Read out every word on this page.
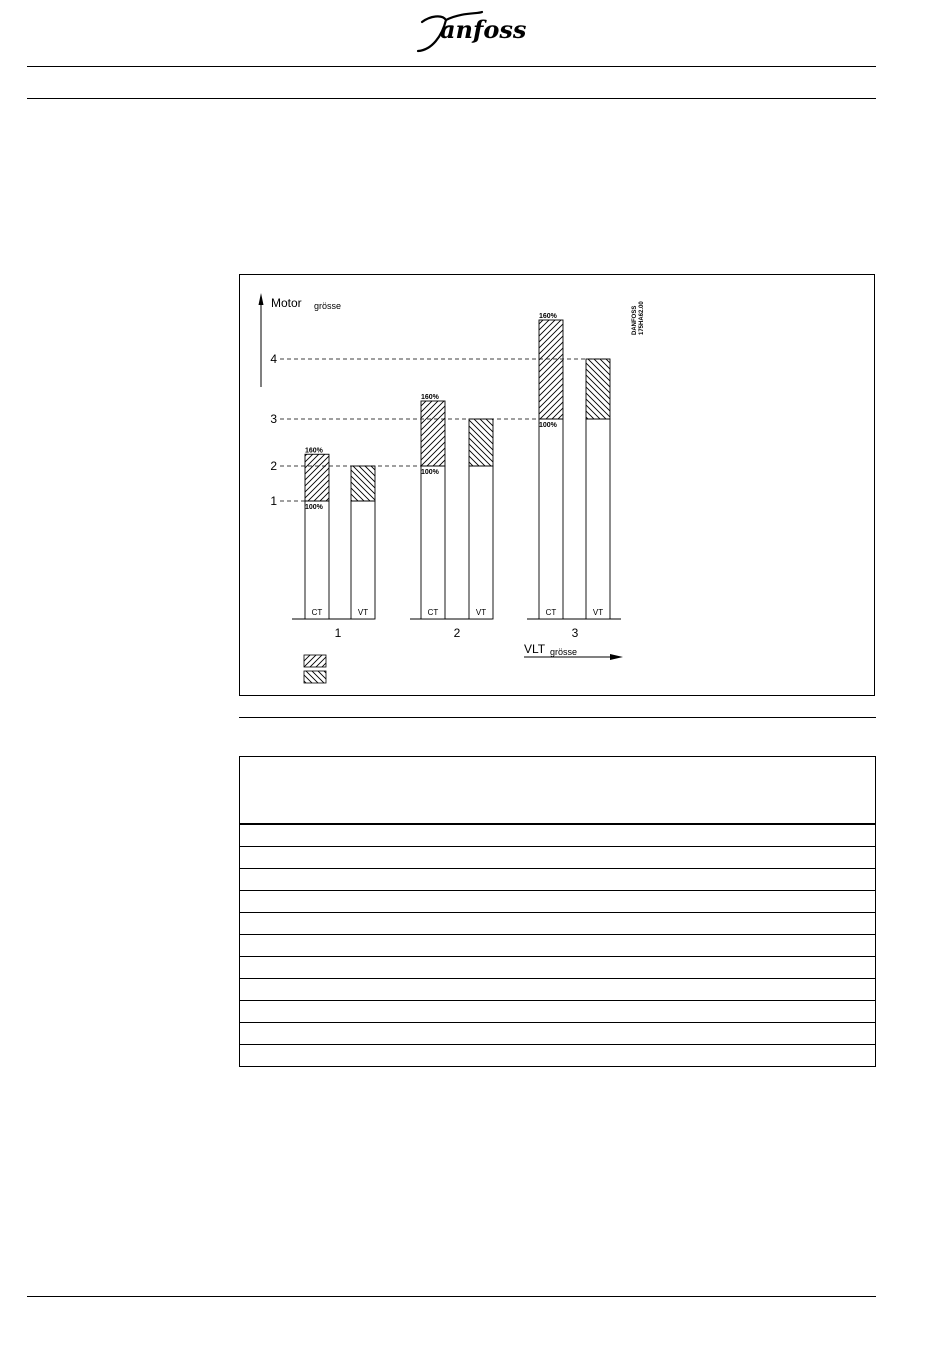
anfoss
Motor grösse	DANFOSS 175HA62.00
1
2
3
4
CT
160%
100%
VT	CT
160%
100%
VT	CT
160%
100%
VT
1	2	3
VLT grösse
